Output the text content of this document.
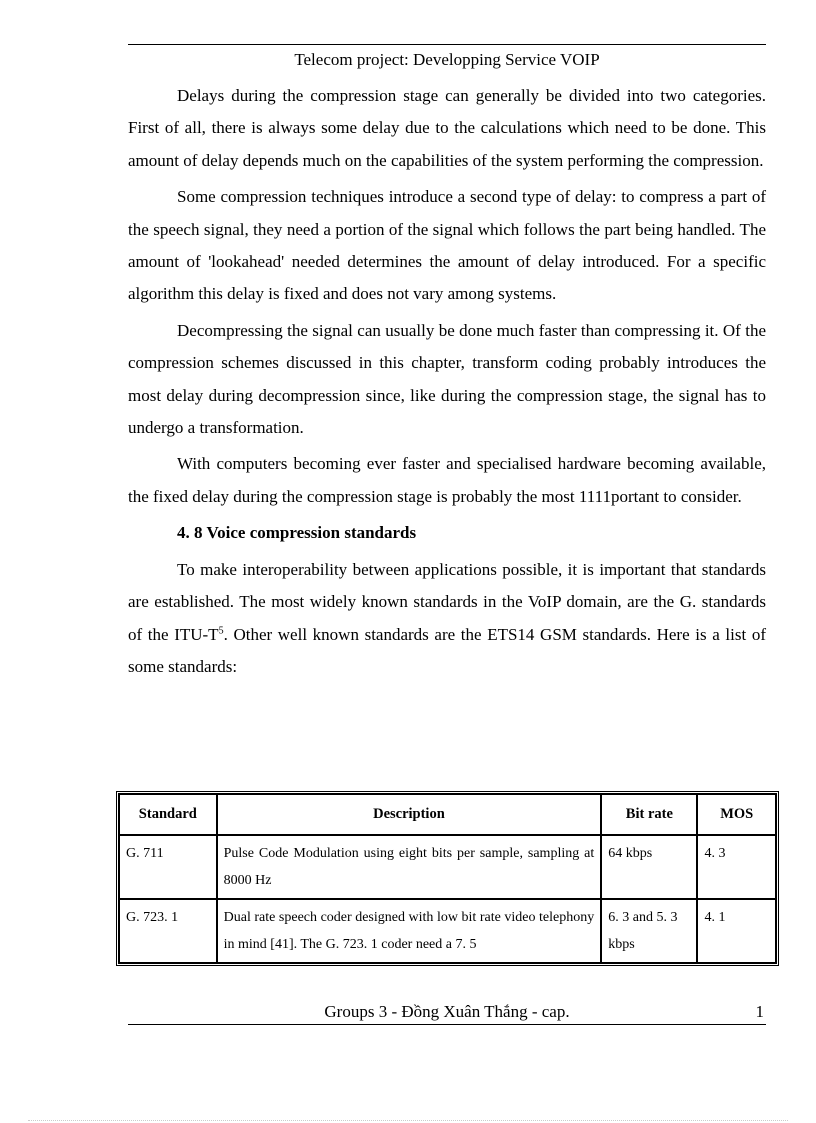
Telecom project: Developping Service VOIP

Delays during the compression stage can generally be divided into two categories. First of all, there is always some delay due to the calculations which need to be done. This amount of delay depends much on the capabilities of the system performing the compression.

Some compression techniques introduce a second type of delay: to compress a part of the speech signal, they need a portion of the signal which follows the part being handled. The amount of 'lookahead' needed determines the amount of delay introduced. For a specific algorithm this delay is fixed and does not vary among systems.

Decompressing the signal can usually be done much faster than compressing it. Of the compression schemes discussed in this chapter, transform coding probably introduces the most delay during decompression since, like during the compression stage, the signal has to undergo a transformation.

With computers becoming ever faster and specialised hardware becoming available, the fixed delay during the compression stage is probably the most 1111portant to consider.

4. 8 Voice compression standards

To make interoperability between applications possible, it is important that standards are established. The most widely known standards in the VoIP domain, are the G. standards of the ITU-$T^5$. Other well known standards are the ETS14 GSM standards. Here is a list of some standards:

Standard	Description	Bit rate	MOS
G. 711	Pulse Code Modulation using eight bits per sample, sampling at 8000 Hz	64 kbps	4. 3
G. 723. 1	Dual rate speech coder designed with low bit rate video telephony in mind [41]. The G. 723. 1 coder need a 7. 5	6. 3 and 5. 3 kbps	4. 1
Groups 3 - Đồng Xuân Thắng - cap.	1
